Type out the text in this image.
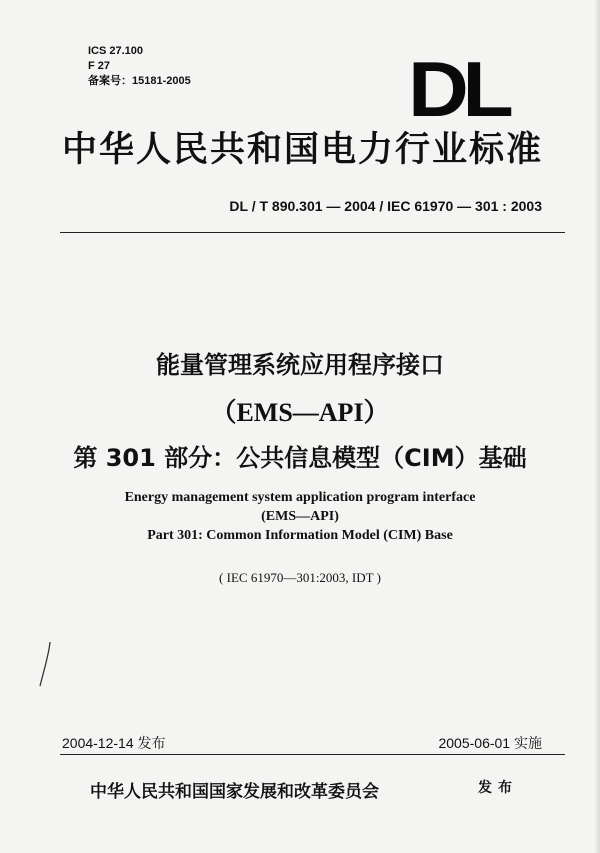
ICS 27.100
F 27
备案号：15181-2005	DL
中华人民共和国电力行业标准
DL / T 890.301 — 2004 / IEC 61970 — 301 : 2003
能量管理系统应用程序接口
（EMS—API）
第 301 部分：公共信息模型（CIM）基础
Energy management system application program interface
(EMS—API)
Part 301: Common Information Model (CIM) Base
( IEC 61970—301:2003, IDT )
2004-12-14 发布	2005-06-01 实施
中华人民共和国国家发展和改革委员会	发布
